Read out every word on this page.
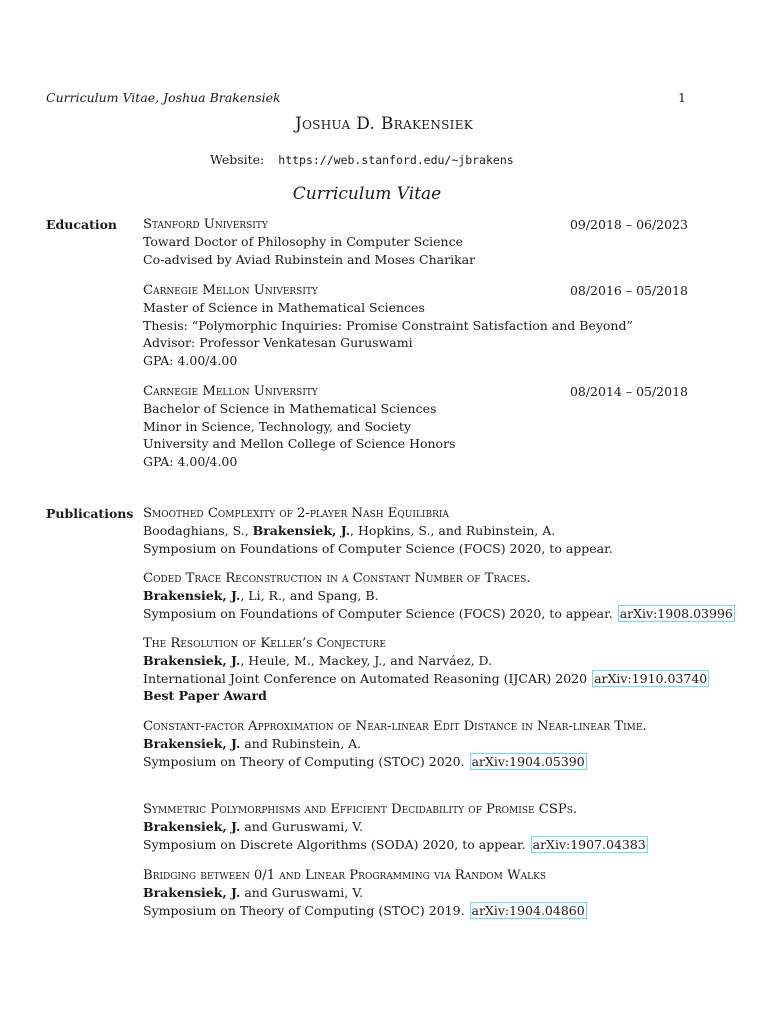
Curriculum Vitae, Joshua Brakensiek	1
Joshua D. Brakensiek
Website: https://web.stanford.edu/~jbrakens
Curriculum Vitae
Education Stanford University	09/2018 – 06/2023
Toward Doctor of Philosophy in Computer Science
Co-advised by Aviad Rubinstein and Moses Charikar
Carnegie Mellon University	08/2016 – 05/2018
Master of Science in Mathematical Sciences
Thesis: “Polymorphic Inquiries: Promise Constraint Satisfaction and Beyond”
Advisor: Professor Venkatesan Guruswami
GPA: 4.00/4.00
Carnegie Mellon University	08/2014 – 05/2018
Bachelor of Science in Mathematical Sciences
Minor in Science, Technology, and Society
University and Mellon College of Science Honors
GPA: 4.00/4.00
Publications Smoothed Complexity of 2-player Nash Equilibria
Boodaghians, S., Brakensiek, J., Hopkins, S., and Rubinstein, A.
Symposium on Foundations of Computer Science (FOCS) 2020, to appear.
Coded Trace Reconstruction in a Constant Number of Traces.
Brakensiek, J., Li, R., and Spang, B.
Symposium on Foundations of Computer Science (FOCS) 2020, to appear. arXiv:1908.03996
The Resolution of Keller’s Conjecture
Brakensiek, J., Heule, M., Mackey, J., and Narváez, D.
International Joint Conference on Automated Reasoning (IJCAR) 2020 arXiv:1910.03740
Best Paper Award
Constant-factor Approximation of Near-linear Edit Distance in Near-linear Time.
Brakensiek, J. and Rubinstein, A.
Symposium on Theory of Computing (STOC) 2020. arXiv:1904.05390
Symmetric Polymorphisms and Efficient Decidability of Promise CSPs.
Brakensiek, J. and Guruswami, V.
Symposium on Discrete Algorithms (SODA) 2020, to appear. arXiv:1907.04383
Bridging between 0/1 and Linear Programming via Random Walks
Brakensiek, J. and Guruswami, V.
Symposium on Theory of Computing (STOC) 2019. arXiv:1904.04860
